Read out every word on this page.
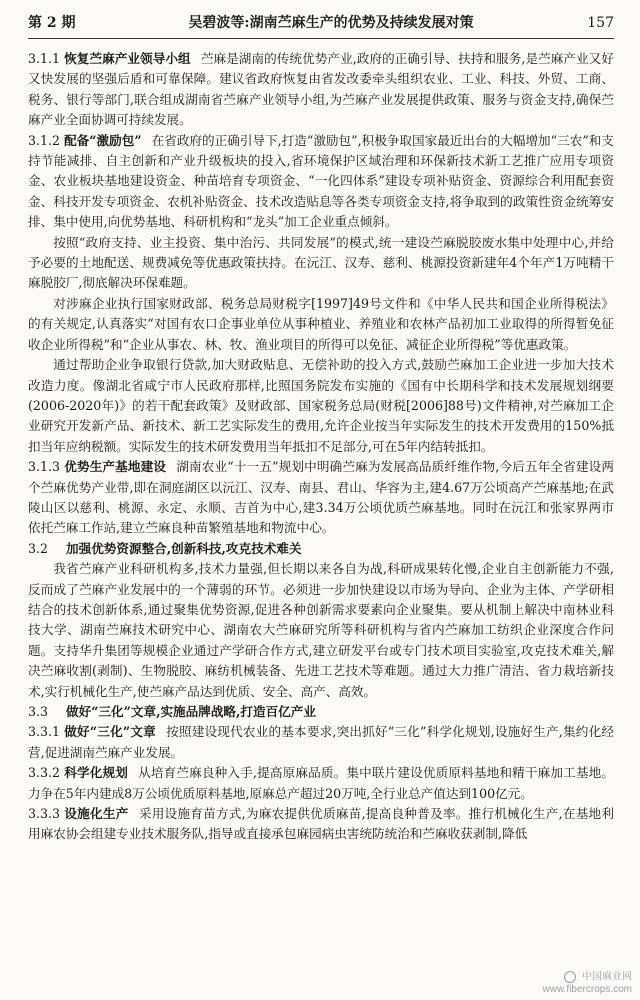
第 2 期	吴碧波等:湖南苎麻生产的优势及持续发展对策	157

3.1.1 恢复苎麻产业领导小组 苎麻是湖南的传统优势产业,政府的正确引导、扶持和服务,是苎麻产业又好又快发展的坚强后盾和可靠保障。建议省政府恢复由省发改委牵头组织农业、工业、科技、外贸、工商、税务、银行等部门,联合组成湖南省苎麻产业领导小组,为苎麻产业发展提供政策、服务与资金支持,确保苎麻产业全面协调可持续发展。

3.1.2 配备“激励包” 在省政府的正确引导下,打造“激励包”,积极争取国家最近出台的大幅增加“三农”和支持节能减排、自主创新和产业升级板块的投入,省环境保护区域治理和环保新技术新工艺推广应用专项资金、农业板块基地建设资金、种苗培育专项资金、“一化四体系”建设专项补贴资金、资源综合利用配套资金、科技开发专项资金、农机补贴资金、技术改造贴息等各类专项资金支持,将争取到的政策性资金统筹安排、集中使用,向优势基地、科研机构和“龙头”加工企业重点倾斜。

按照“政府支持、业主投资、集中治污、共同发展”的模式,统一建设苎麻脱胶废水集中处理中心,并给予必要的土地配送、规费减免等优惠政策扶持。在沅江、汉寿、慈利、桃源投资新建年4个年产1万吨精干麻脱胶厂,彻底解决环保难题。

对涉麻企业执行国家财政部、税务总局财税字[1997]49号文件和《中华人民共和国企业所得税法》的有关规定,认真落实“对国有农口企事业单位从事种植业、养殖业和农林产品初加工业取得的所得暂免征收企业所得税”和“企业从事农、林、牧、渔业项目的所得可以免征、减征企业所得税”等优惠政策。

通过帮助企业争取银行贷款,加大财政贴息、无偿补助的投入方式,鼓励苎麻加工企业进一步加大技术改造力度。像湖北省咸宁市人民政府那样,比照国务院发布实施的《国有中长期科学和技术发展规划纲要(2006-2020年)》的若干配套政策》及财政部、国家税务总局(财税[2006]88号)文件精神,对苎麻加工企业研究开发新产品、新技术、新工艺实际发生的费用,允许企业按当年实际发生的技术开发费用的150%抵扣当年应纳税额。实际发生的技术研发费用当年抵扣不足部分,可在5年内结转抵扣。

3.1.3 优势生产基地建设 湖南农业“十一五”规划中明确苎麻为发展高品质纤维作物,今后五年全省建设两个苎麻优势产业带,即在洞庭湖区以沅江、汉寿、南县、君山、华容为主,建4.67万公顷高产苎麻基地;在武陵山区以慈利、桃源、永定、永顺、吉首为中心,建3.34万公顷优质苎麻基地。同时在沅江和张家界两市依托苎麻工作站,建立苎麻良种苗繁殖基地和物流中心。

3.2 加强优势资源整合,创新科技,攻克技术难关

我省苎麻产业科研机构多,技术力量强,但长期以来各自为战,科研成果转化慢,企业自主创新能力不强,反而成了苎麻产业发展中的一个薄弱的环节。必须进一步加快建设以市场为导向、企业为主体、产学研相结合的技术创新体系,通过聚集优势资源,促进各种创新需求要素向企业聚集。要从机制上解决中南林业科技大学、湖南苎麻技术研究中心、湖南农大苎麻研究所等科研机构与省内苎麻加工纺织企业深度合作问题。支持华升集团等规模企业通过产学研合作方式,建立研发平台或专门技术项目实验室,攻克技术难关,解决苎麻收割(剥制)、生物脱胶、麻纺机械装备、先进工艺技术等难题。通过大力推广清洁、省力栽培新技术,实行机械化生产,使苎麻产品达到优质、安全、高产、高效。

3.3 做好“三化”文章,实施品牌战略,打造百亿产业

3.3.1 做好“三化”文章 按照建设现代农业的基本要求,突出抓好“三化”科学化规划,设施好生产,集约化经营,促进湖南苎麻产业发展。

3.3.2 科学化规划 从培育苎麻良种入手,提高原麻品质。集中联片建设优质原料基地和精干麻加工基地。力争在5年内建成8万公顷优质原料基地,原麻总产超过20万吨,全行业总产值达到100亿元。

3.3.3 设施化生产 采用设施育苗方式,为麻农提供优质麻苗,提高良种普及率。推行机械化生产,在基地利用麻农协会组建专业技术服务队,指导或直接承包麻园病虫害统防统治和苎麻收获剥制,降低

中国麻业网
www.fibercrops.com
